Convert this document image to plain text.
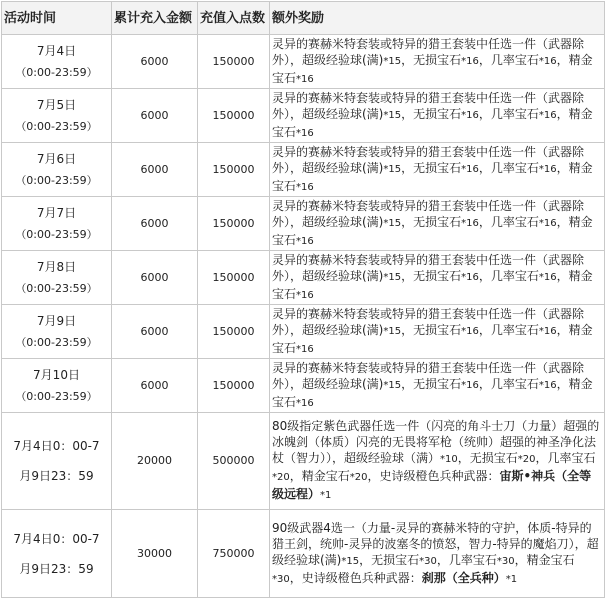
活动时间	累计充入金额	充值入点数	额外奖励

7月4日
（0:00-23:59）	6000	150000	灵异的赛赫米特套装或特异的猎王套装中任选一件（武器除外），超级经验球(满)*15，无损宝石*16，几率宝石*16，精金宝石*16

7月5日
（0:00-23:59）	6000	150000	灵异的赛赫米特套装或特异的猎王套装中任选一件（武器除外），超级经验球(满)*15，无损宝石*16，几率宝石*16，精金宝石*16

7月6日
（0:00-23:59）	6000	150000	灵异的赛赫米特套装或特异的猎王套装中任选一件（武器除外），超级经验球(满)*15，无损宝石*16，几率宝石*16，精金宝石*16

7月7日
（0:00-23:59）	6000	150000	灵异的赛赫米特套装或特异的猎王套装中任选一件（武器除外），超级经验球(满)*15，无损宝石*16，几率宝石*16，精金宝石*16

7月8日
（0:00-23:59）	6000	150000	灵异的赛赫米特套装或特异的猎王套装中任选一件（武器除外），超级经验球(满)*15，无损宝石*16，几率宝石*16，精金宝石*16

7月9日
（0:00-23:59）	6000	150000	灵异的赛赫米特套装或特异的猎王套装中任选一件（武器除外），超级经验球(满)*15，无损宝石*16，几率宝石*16，精金宝石*16

7月10日
（0:00-23:59）	6000	150000	灵异的赛赫米特套装或特异的猎王套装中任选一件（武器除外），超级经验球(满)*15，无损宝石*16，几率宝石*16，精金宝石*16

7月4日0：00-7
月9日23：59	20000	500000	80级指定紫色武器任选一件（闪亮的角斗士刀（力量）超强的冰魄剑（体质）闪亮的无畏将军枪（统帅）超强的神圣净化法杖（智力）），超级经验球（满）*10，无损宝石*20，几率宝石*20，精金宝石*20，史诗级橙色兵种武器：宙斯•神兵（全等级远程）*1

7月4日0：00-7
月9日23：59	30000	750000	90级武器4选一（力量-灵异的赛赫米特的守护，体质-特异的猎王剑，统帅-灵异的波塞冬的愤怒，智力-特异的魔焰刀），超级经验球(满)*15，无损宝石*30，几率宝石*30，精金宝石*30，史诗级橙色兵种武器：刹那（全兵种）*1
